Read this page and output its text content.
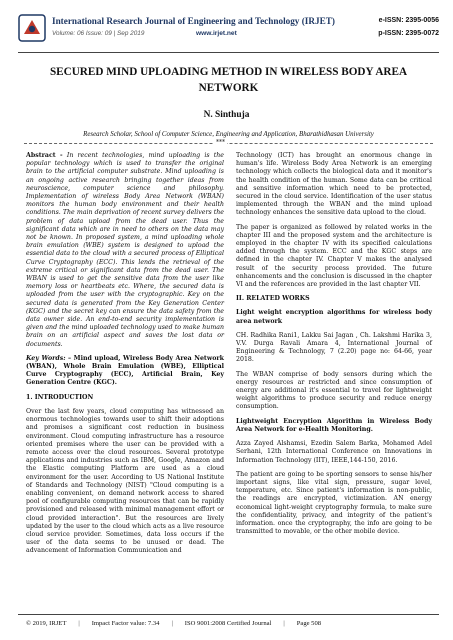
International Research Journal of Engineering and Technology (IRJET)
Volume: 06 Issue: 09 | Sep 2019	www.irjet.net
e-ISSN: 2395-0056
p-ISSN: 2395-0072
SECURED MIND UPLOADING METHOD IN WIRELESS BODY AREA NETWORK
N. Sinthuja
Research Scholar, School of Computer Science, Engineering and Application, Bharathidhasan University
***

Abstract - In recent technologies, mind uploading is the popular technology which is used to transfer the original brain to the artificial computer substrate. Mind uploading is an ongoing active research bringing together ideas from neuroscience, computer science and philosophy. Implementation of wireless Body Area Network (WBAN) monitors the human body environment and their health conditions. The main deprivation of recent survey delivers the problem of data upload from the dead user. Thus the significant data which are in need to others on the data may not be known. In proposed system, a mind uploading whole brain emulation (WBE) system is designed to upload the essential data to the cloud with a secured process of Elliptical Curve Cryptography (ECC). This lends the retrieval of the extreme critical or significant data from the dead user. The WBAN is used to get the sensitive data from the user like memory loss or heartbeats etc. Where, the secured data is uploaded from the user with the cryptographic. Key on the secured data is generated from the Key Generation Center (KGC) and the secret key can ensure the data safety from the data owner side. An end-to-end security implementation is given and the mind uploaded technology used to make human brain on an artificial aspect and saves the lost data or documents.

Key Words: – Mind upload, Wireless Body Area Network (WBAN), Whole Brain Emulation (WBE), Elliptical Curve Cryptography (ECC), Artificial Brain, Key Generation Centre (KGC).

1. INTRODUCTION

Over the last few years, cloud computing has witnessed an enormous technologies towards user to shift their adoptions and promises a significant cost reduction in business environment. Cloud computing infrastructure has a resource oriented premises where the user can be provided with a remote access over the cloud resources. Several prototype applications and industries such as IBM, Google, Amazon and the Elastic computing Platform are used as a cloud environment for the user. According to US National Institute of Standards and Technology (NIST) "Cloud computing is a enabling convenient, on demand network access to shared pool of configurable computing resources that can be rapidly provisioned and released with minimal management effort or cloud provided interaction". But the resources are lively updated by the user to the cloud which acts as a live resource cloud service provider. Sometimes, data loss occurs if the user of the data seems to be unused or dead. The advancement of Information Communication and

Technology (ICT) has brought an enormous change in human's life. Wireless Body Area Network is an emerging technology which collects the biological data and it monitor's the health condition of the human. Some data can be critical and sensitive information which need to be protected, secured in the cloud service. Identification of the user status implemented through the WBAN and the mind upload technology enhances the sensitive data upload to the cloud.

The paper is organized as followed by related works in the chapter III and the proposed system and the architecture is employed in the chapter IV with its specified calculations added through the system. ECC and the KGC steps are defined in the chapter IV. Chapter V makes the analysed result of the security process provided. The future enhancements and the conclusion is discussed in the chapter VI and the references are provided in the last chapter VII.

II. RELATED WORKS

Light weight encryption algorithms for wireless body area network

CH. Radhika Rani1, Lakku Sai Jagan , Ch. Lakshmi Harika 3, V.V. Durga Ravali Amara 4, International Journal of Engineering & Technology, 7 (2.20) page no: 64-66, year 2018.

The WBAN comprise of body sensors during which the energy resources ar restricted and since consumption of energy are additional it's essential to travel for lightweight weight algorithms to produce security and reduce energy consumption.

Lightweight Encryption Algorithm in Wireless Body Area Network for e-Health Monitoring.

Azza Zayed Alshamsi, Ezedin Salem Barka, Mohamed Adel Serhani, 12th International Conference on Innovations in Information Technology (IIT), IEEE,144-150, 2016.

The patient are going to be sporting sensors to sense his/her important signs, like vital sign, pressure, sugar level, temperature, etc. Since patient's information is non-public, the readings are encrypted, victimization. AN energy economical light-weight cryptography formula, to make sure the confidentiality, privacy, and integrity of the patient's information. once the cryptography, the info are going to be transmitted to movable, or the other mobile device.

© 2019, IRJET | Impact Factor value: 7.34 | ISO 9001:2008 Certified Journal | Page 508
